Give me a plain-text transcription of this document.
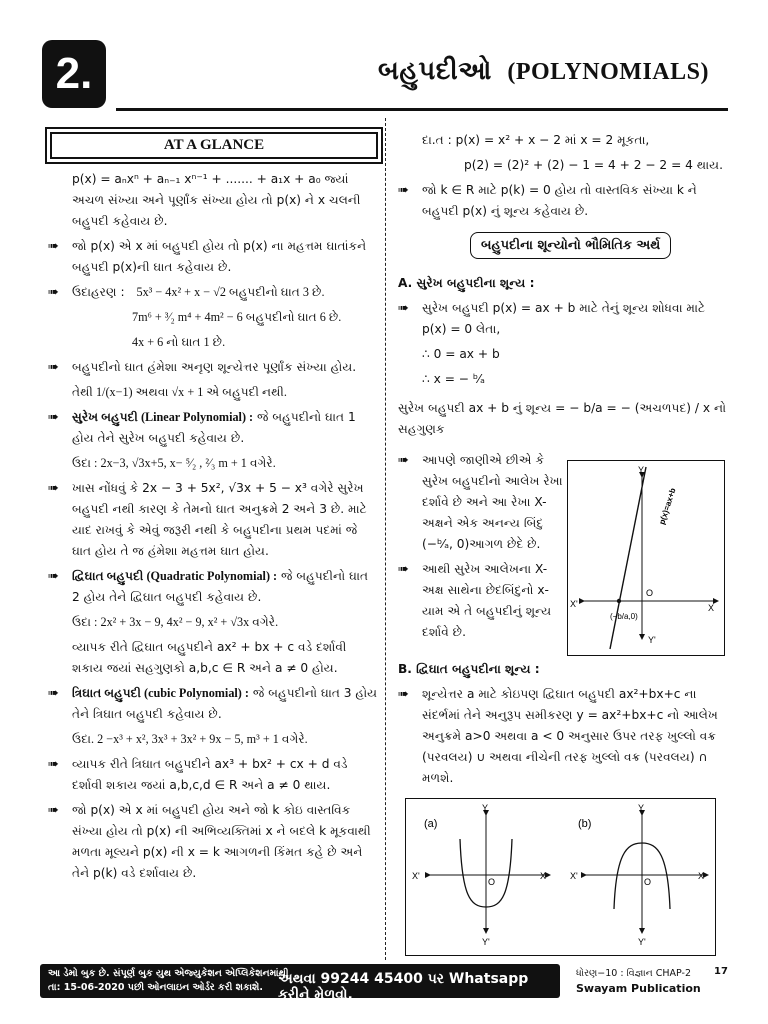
2.	બહુપદીઓ (POLYNOMIALS)
AT A GLANCE

p(x) = aₙxⁿ + aₙ₋₁ xⁿ⁻¹ + ....... + a₁x + a₀ જ્યાં અચળ સંખ્યા અને પૂર્ણાંક સંખ્યા હોય તો p(x) ને x ચલની બહુપદી કહેવાય છે.

➠ જો p(x) એ x માં બહુપદી હોય તો p(x) ના મહત્તમ ઘાતાંકને બહુપદી p(x)ની ઘાત કહેવાય છે.

➠ ઉદાહરણ : 5x³ − 4x² + x − √2 બહુપદીનો ઘાત 3 છે.

7m⁶ + ³⁄₂ m⁴ + 4m² − 6 બહુપદીનો ઘાત 6 છે.

4x + 6 નો ઘાત 1 છે.

➠ બહુપદીનો ઘાત હંમેશા અનૃણ શૂન્યેત્તર પૂર્ણાંક સંખ્યા હોય.

તેથી 1/(x−1) અથવા √x + 1 એ બહુપદી નથી.

➠ સુરેખ બહુપદી (Linear Polynomial) : જે બહુપદીનો ઘાત 1 હોય તેને સુરેખ બહુપદી કહેવાય છે.

ઉદા : 2x−3, √3x+5, x− ⁵⁄₂ , ²⁄₃ m + 1 વગેરે.

➠ ખાસ નોંધવું કે 2x − 3 + 5x², √3x + 5 − x³ વગેરે સુરેખ બહુપદી નથી કારણ કે તેમનો ઘાત અનુક્રમે 2 અને 3 છે. માટે યાદ રાખવું કે એવું જરૂરી નથી કે બહુપદીના પ્રથમ પદમાં જે ઘાત હોય તે જ હંમેશા મહત્તમ ઘાત હોય.

➠ દ્વિઘાત બહુપદી (Quadratic Polynomial) : જે બહુપદીનો ઘાત 2 હોય તેને દ્વિઘાત બહુપદી કહેવાય છે.

ઉદા : 2x² + 3x − 9, 4x² − 9, x² + √3x વગેરે.

વ્યાપક રીતે દ્વિઘાત બહુપદીને ax² + bx + c વડે દર્શાવી શકાય જયાં સહગુણકો a,b,c ∈ R અને a ≠ 0 હોય.

➠ ત્રિઘાત બહુપદી (cubic Polynomial) : જે બહુપદીનો ઘાત 3 હોય તેને ત્રિઘાત બહુપદી કહેવાય છે.

ઉદા. 2 −x³ + x², 3x³ + 3x² + 9x − 5, m³ + 1 વગેરે.

➠ વ્યાપક રીતે ત્રિઘાત બહુપદીને ax³ + bx² + cx + d વડે દર્શાવી શકાય જયાં a,b,c,d ∈ R અને a ≠ 0 થાય.

➠ જો p(x) એ x માં બહુપદી હોય અને જો k કોઇ વાસ્તવિક સંખ્યા હોય તો p(x) ની અભિવ્યક્તિમાં x ને બદલે k મૂકવાથી મળતા મૂલ્યને p(x) ની x = k આગળની કિંમત કહે છે અને તેને p(k) વડે દર્શાવાય છે.

દા.ત : p(x) = x² + x − 2 માં x = 2 મૂકતા,

p(2) = (2)² + (2) − 1 = 4 + 2 − 2 = 4 થાય.

➠ જો k ∈ R માટે p(k) = 0 હોય તો વાસ્તવિક સંખ્યા k ને બહુપદી p(x) નું શૂન્ય કહેવાય છે.

બહુપદીના શૂન્યોનો ભૌમિતિક અર્થ

A. સુરેખ બહુપદીના શૂન્ય :

➠ સુરેખ બહુપદી p(x) = ax + b માટે તેનું શૂન્ય શોધવા માટે p(x) = 0 લેતા,

∴ 0 = ax + b

∴ x = − ᵇ⁄ₐ

સુરેખ બહુપદી ax + b નું શૂન્ય = − b/a = − (અચળપદ) / x નો સહગુણક

➠ આપણે જાણીએ છીએ કે સુરેખ બહુપદીનો આલેખ રેખા દર્શાવે છે અને આ રેખા X-અક્ષને એક અનન્ય બિંદુ (−ᵇ⁄ₐ, 0)આગળ છેદે છે.

➠ આથી સુરેખ આલેખના X-અક્ષ સાથેના છેદબિંદુનો x-યામ એ તે બહુપદીનું શૂન્ય દર્શાવે છે.

B. દ્વિઘાત બહુપદીના શૂન્ય :

➠ શૂન્યેત્તર a માટે કોઇપણ દ્વિઘાત બહુપદી ax²+bx+c ના સંદર્ભમાં તેને અનુરૂપ સમીકરણ y = ax²+bx+c નો આલેખ અનુક્રમે a>0 અથવા a < 0 અનુસાર ઉપર તરફ ખુલ્લો વક્ર (પરવલય) ∪ અથવા નીચેની તરફ ખુલ્લો વક્ર (પરવલય) ∩ મળશે.

Y
Y'
X
X'
O
(−b/a,0)
p(x)=ax+b
(a)
Y
Y'
X
X'
O
(b)
Y
Y'
X
X'
O
આ ડેમો બુક છે. સંપૂર્ણ બુક યુથ એજ્યુકેશન એપ્લિકેશનમાંથી
તા: 15-06-2020 પછી ઓનલાઇન ઓર્ડર કરી શકાશે.
અથવા 99244 45400 પર Whatsapp કરીને મેળવો.
ધોરણ−10 : વિજ્ઞાન CHAP-2
Swayam Publication
17
